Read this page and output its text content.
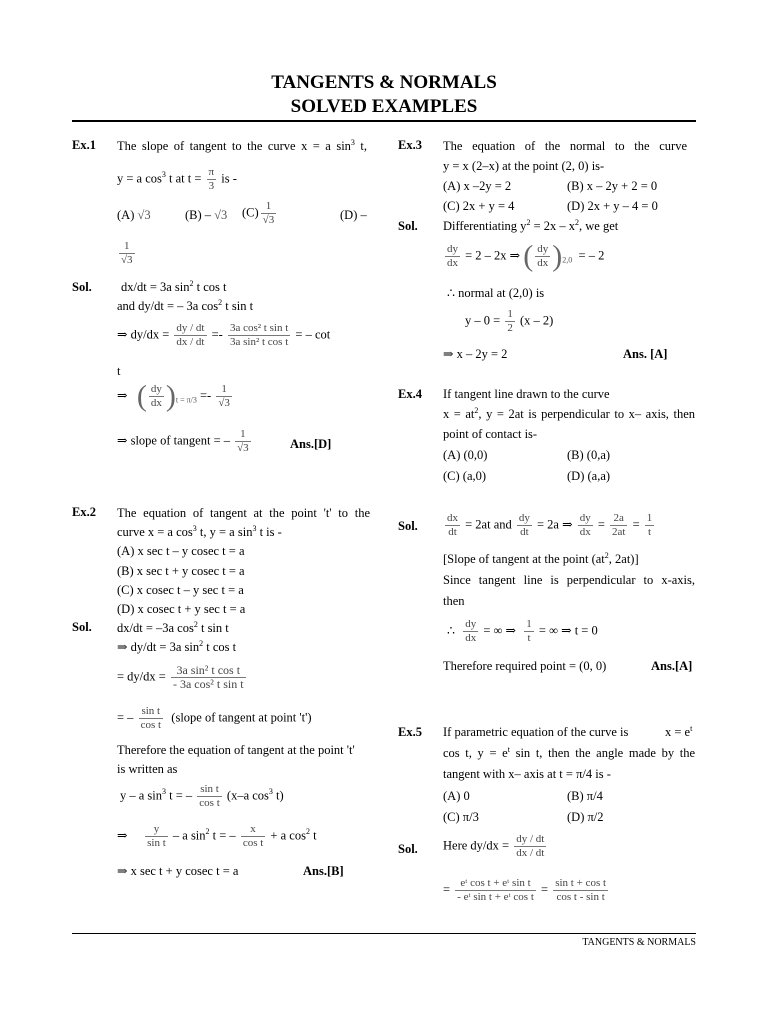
TANGENTS & NORMALS
SOLVED EXAMPLES
Ex.1 The slope of tangent to the curve x = a $\sin^3 t$,
y = a $\cos^3 t$ at $t = \frac{\pi}{3}$ is -
(A) √3	(B) – √3 $(C) \frac{1}{√3}$	(D) –
$\frac{1}{√3}$
Sol. dx/dt = 3a $\sin^2 t$ cos t
and dy/dt = – 3a $\cos^2 t$ sin t
⇒ $dy/dx = \frac{dy / dt}{dx / dt} =- \frac{\text{3a cos² t sin t}}{\text{3a sin² t cos t}}$ = – cot
t
⇒ ( $\frac{dy}{dx} )_{t = \pi/3} =- \frac{1}{√3}$
⇒ slope of tangent = – $\frac{1}{√3}$	Ans.[D]
Ex.2 The equation of tangent at the point 't' to the
curve x = a $\cos^3 t$, y = a $\sin^3 t$ is -
(A) x sec t – y cosec t = a
(B) x sec t + y cosec t = a
(C) x cosec t – y sec t = a
(D) x cosec t + y sec t = a
Sol. dx/dt = –3a $\cos^2 t$ sin t
⇒ dy/dt = 3a $\sin^2 t$ cos t
= $dy/dx = \frac{\text{3a sin² t cos t}}{\text{- 3a cos² t sin t}}$
= – $\frac{\text{sin t}}{\text{cos t}}$ (slope of tangent at point 't')
Therefore the equation of tangent at the point 't'
is written as
y – a $\sin^3 t$ = – $\frac{\text{sin t}}{\text{cos t}} (x-a$ $\cos^3 t$)
⇒ $\frac{y}{\text{sin t}}$ – a $\sin^2 t$ = – $\frac{x}{\text{cos t}} + a$ $\cos^2 t$
⇒ x sec t + y cosec t = a	Ans.[B]
Ex.3 The equation of the normal to the curve
y = x (2–x) at the point (2, 0) is-
(A) x –2y = 2	(B) x – 2y + 2 = 0
(C) 2x + y = 4	(D) 2x + y – 4 = 0
Sol. Differentiating $y^2 = 2x - x^2$, we get
$\frac{dy}{dx} = 2 - 2x$ ⇒ ( $\frac{dy}{dx} )_{2,0}$ = – 2
∴ normal at (2,0) is
$y - 0 = \frac{1}{2} (x - 2)$
⇒ x – 2y = 2	Ans. [A]
Ex.4 If tangent line drawn to the curve
$x = at^2$, y = 2at is perpendicular to x– axis, then
point of contact is-
(A) (0,0)	(B) (0,a)
(C) (a,0)	(D) (a,a)
Sol. $\frac{dx}{dt} = 2at$ and $\frac{dy}{dt} = 2a$ ⇒ $\frac{dy}{dx} = \frac{2a}{2at} = \frac{1}{t}$
[Slope of tangent at the point ($at^2$, 2at)]
Since tangent line is perpendicular to x-axis,
then
∴ $\frac{dy}{dx}$ = ∞ ⇒ $\frac{1}{t}$ = ∞ ⇒ t = 0
Therefore required point = (0, 0)	Ans.[A]
Ex.5 If parametric equation of the curve is	$x = e^t$
cos t, $y = e^t$ sin t, then the angle made by the
tangent with x– axis at t = π/4 is -
(A) 0	(B) π/4
(C) π/3	(D) π/2
Sol. Here $dy/dx = \frac{dy / dt}{dx / dt}$
= $\frac{\text{eᵗ cos t + eᵗ sin t}}{\text{- eᵗ sin t + eᵗ cos t}} = \frac{\text{sin t + cos t}}{\text{cos t - sin t}}$
TANGENTS & NORMALS
